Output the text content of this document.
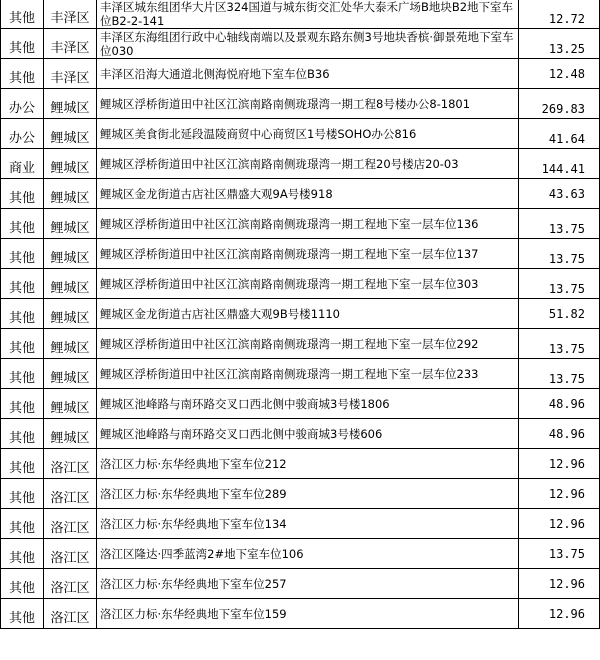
其他	丰泽区	丰泽区城东组团华大片区324国道与城东街交汇处华大泰禾广场B地块B2地下室车位B2-2-141	12.72
其他	丰泽区	丰泽区东海组团行政中心轴线南端以及景观东路东侧3号地块香槟·御景苑地下室车位030	13.25
其他	丰泽区	丰泽区沿海大通道北侧海悦府地下室车位B36	12.48
办公	鲤城区	鲤城区浮桥街道田中社区江滨南路南侧珑璟湾一期工程8号楼办公8-1801	269.83
办公	鲤城区	鲤城区美食街北延段温陵商贸中心商贸区1号楼SOHO办公816	41.64
商业	鲤城区	鲤城区浮桥街道田中社区江滨南路南侧珑璟湾一期工程20号楼店20-03	144.41
其他	鲤城区	鲤城区金龙街道古店社区鼎盛大观9A号楼918	43.63
其他	鲤城区	鲤城区浮桥街道田中社区江滨南路南侧珑璟湾一期工程地下室一层车位136	13.75
其他	鲤城区	鲤城区浮桥街道田中社区江滨南路南侧珑璟湾一期工程地下室一层车位137	13.75
其他	鲤城区	鲤城区浮桥街道田中社区江滨南路南侧珑璟湾一期工程地下室一层车位303	13.75
其他	鲤城区	鲤城区金龙街道古店社区鼎盛大观9B号楼1110	51.82
其他	鲤城区	鲤城区浮桥街道田中社区江滨南路南侧珑璟湾一期工程地下室一层车位292	13.75
其他	鲤城区	鲤城区浮桥街道田中社区江滨南路南侧珑璟湾一期工程地下室一层车位233	13.75
其他	鲤城区	鲤城区池峰路与南环路交叉口西北侧中骏商城3号楼1806	48.96
其他	鲤城区	鲤城区池峰路与南环路交叉口西北侧中骏商城3号楼606	48.96
其他	洛江区	洛江区力标·东华经典地下室车位212	12.96
其他	洛江区	洛江区力标·东华经典地下室车位289	12.96
其他	洛江区	洛江区力标·东华经典地下室车位134	12.96
其他	洛江区	洛江区隆达·四季蓝湾2#地下室车位106	13.75
其他	洛江区	洛江区力标·东华经典地下室车位257	12.96
其他	洛江区	洛江区力标·东华经典地下室车位159	12.96
